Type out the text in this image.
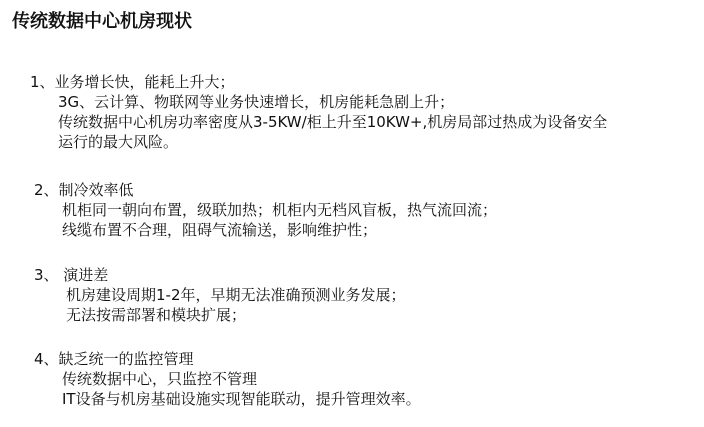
传统数据中心机房现状
1、业务增长快，能耗上升大；
3G、云计算、物联网等业务快速增长，机房能耗急剧上升；
传统数据中心机房功率密度从3-5KW/柜上升至10KW+,机房局部过热成为设备安全
运行的最大风险。
2、制冷效率低
机柜同一朝向布置，级联加热；机柜内无档风盲板，热气流回流；
线缆布置不合理，阻碍气流输送，影响维护性；
3、 演进差
机房建设周期1-2年，早期无法准确预测业务发展；
无法按需部署和模块扩展；
4、缺乏统一的监控管理
传统数据中心，只监控不管理
IT设备与机房基础设施实现智能联动，提升管理效率。
